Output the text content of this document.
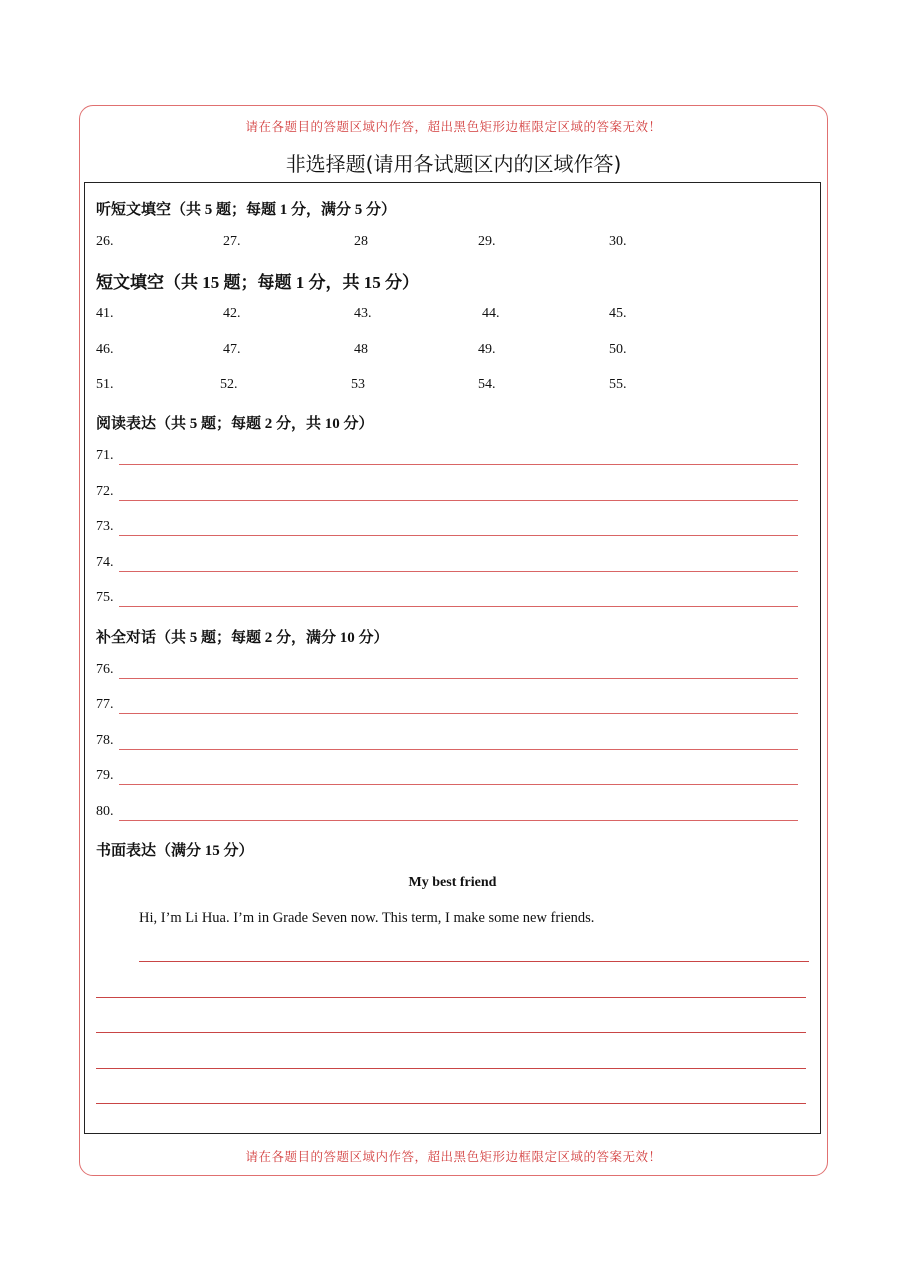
请在各题目的答题区域内作答，超出黑色矩形边框限定区域的答案无效！
非选择题(请用各试题区内的区域作答)
听短文填空（共 5 题；每题 1 分，满分 5 分）
26.	27.	28	29.	30.
短文填空（共 15 题；每题 1 分，共 15 分）
41.	42.	43.	44.	45.
46.	47.	48	49.	50.
51.	52.	53	54.	55.
阅读表达（共 5 题；每题 2 分，共 10 分）
71.
72.
73.
74.
75.
补全对话（共 5 题；每题 2 分，满分 10 分）
76.
77.
78.
79.
80.
书面表达（满分 15 分）
My best friend
Hi, I’m Li Hua. I’m in Grade Seven now. This term, I make some new friends.
请在各题目的答题区域内作答，超出黑色矩形边框限定区域的答案无效！
